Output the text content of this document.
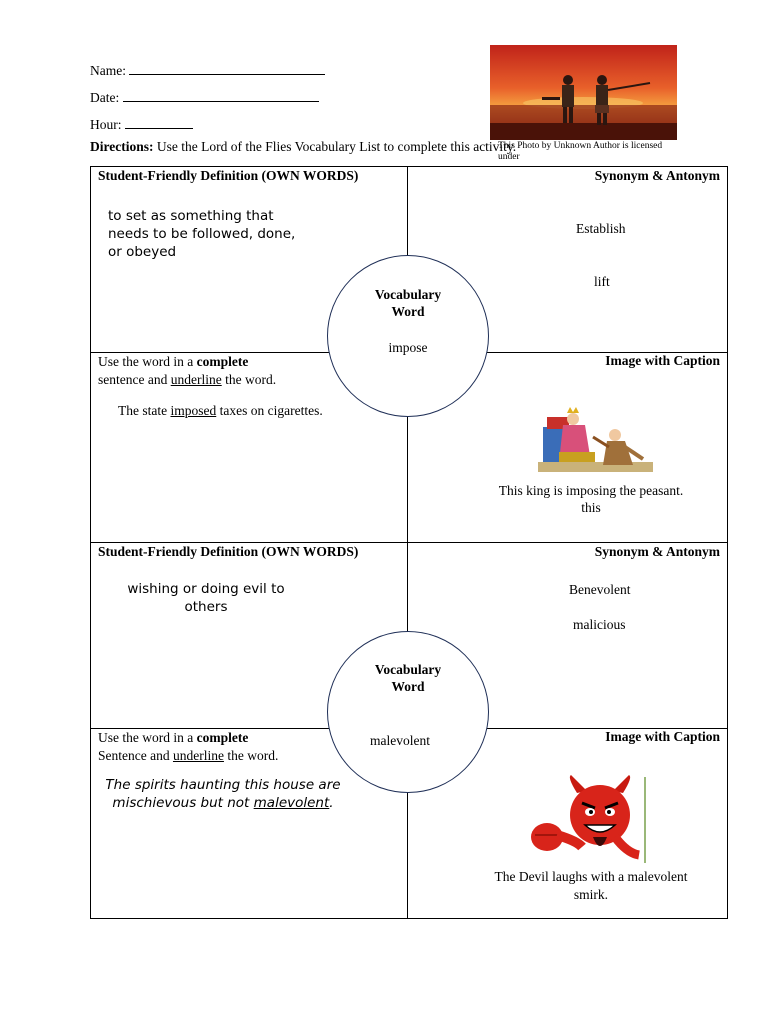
Name:
Date:
Hour:
This Photo by Unknown Author is licensed under
Directions: Use the Lord of the Flies Vocabulary List to complete this activity.
Student-Friendly Definition (OWN WORDS)
to set as something that needs to be followed, done, or obeyed
Synonym & Antonym
Establish
lift
Use the word in a complete
sentence and underline the word.
The state imposed taxes on cigarettes.
Image with Caption
This king is imposing the peasant.
this
Vocabulary
Word
impose
Student-Friendly Definition (OWN WORDS)
wishing or doing evil to others
Synonym & Antonym
Benevolent
malicious
Use the word in a complete
Sentence and underline the word.
The spirits haunting this house are mischievous but not malevolent.
Image with Caption
The Devil laughs with a malevolent
smirk.
Vocabulary
Word
malevolent
